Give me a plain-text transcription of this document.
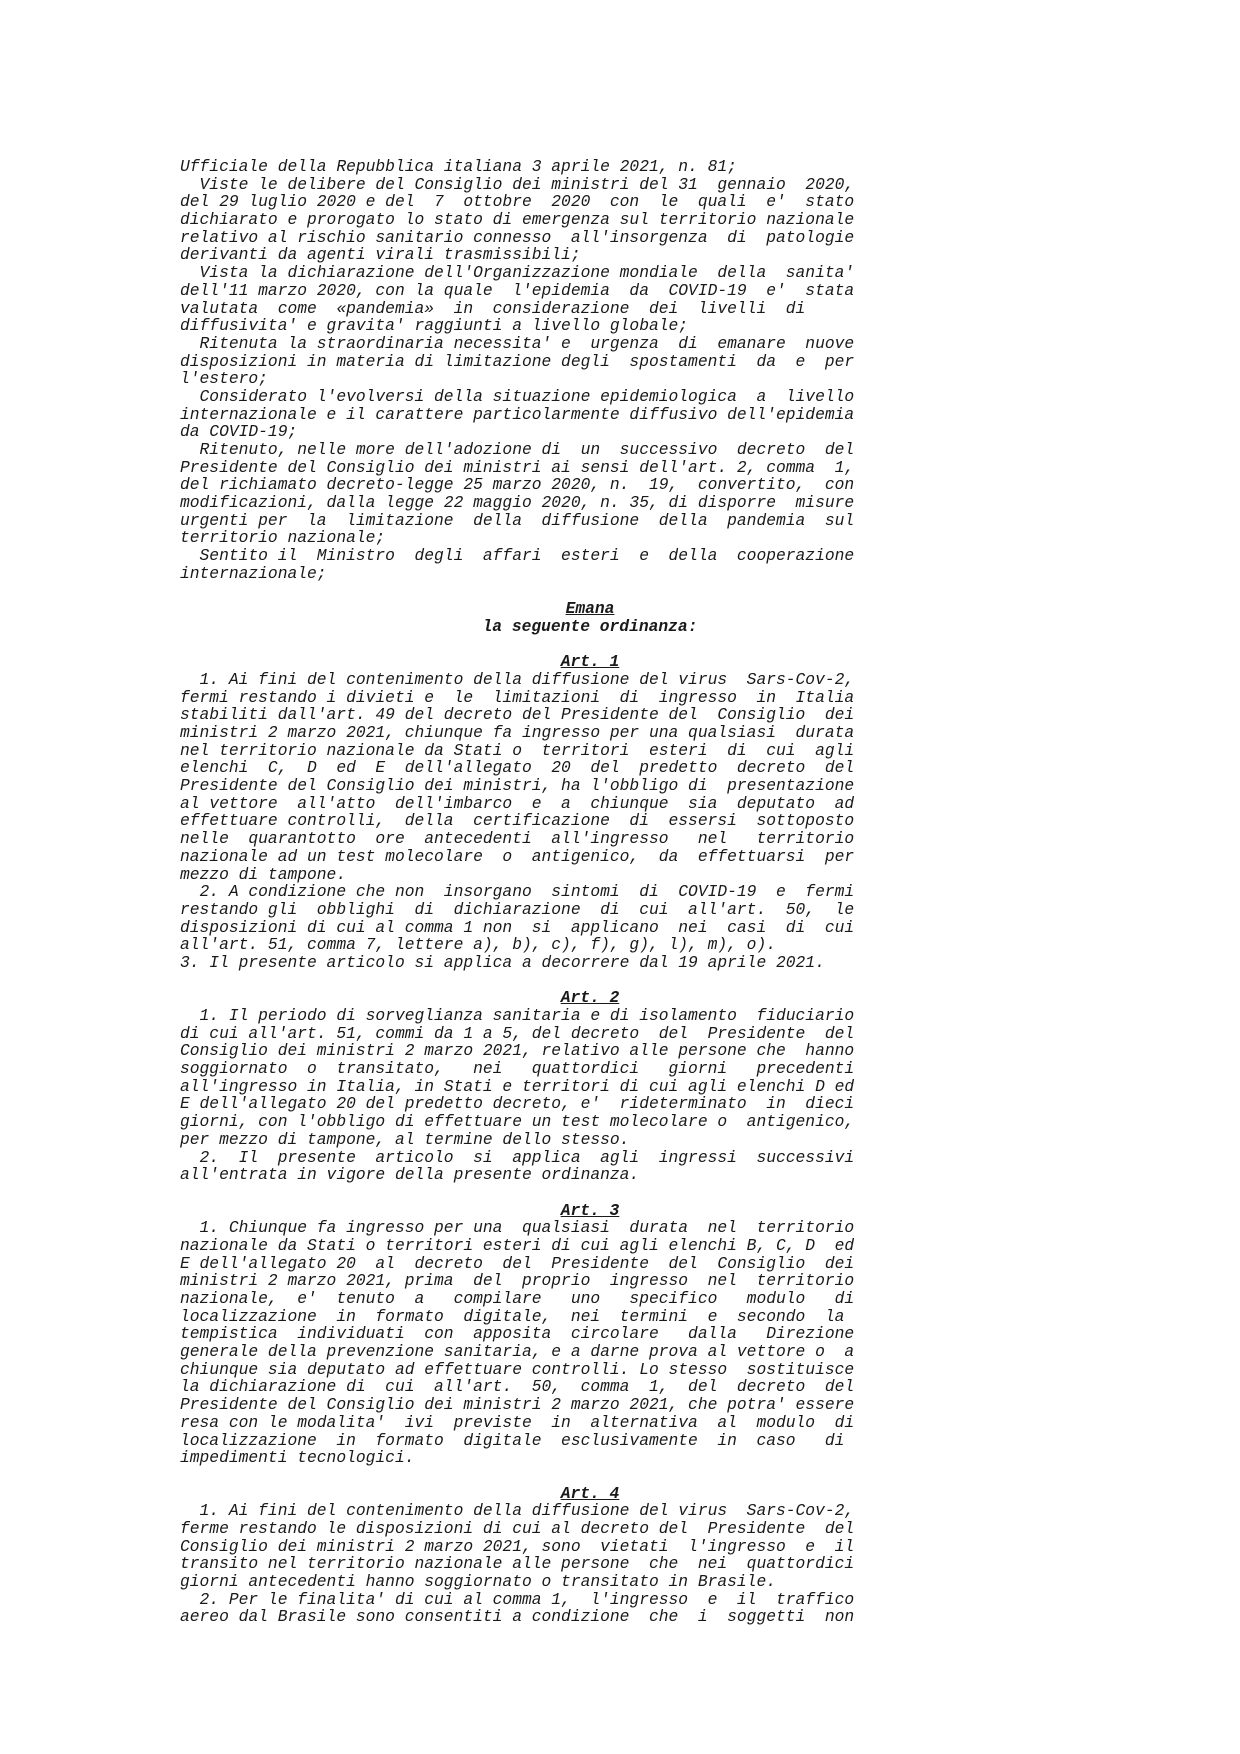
Ufficiale della Repubblica italiana 3 aprile 2021, n. 81;
Viste le delibere del Consiglio dei ministri del 31  gennaio  2020,
del 29 luglio 2020 e del  7  ottobre  2020  con  le  quali  e'  stato
dichiarato e prorogato lo stato di emergenza sul territorio nazionale
relativo al rischio sanitario connesso  all'insorgenza  di  patologie
derivanti da agenti virali trasmissibili;
Vista la dichiarazione dell'Organizzazione mondiale  della  sanita'
dell'11 marzo 2020, con la quale  l'epidemia  da  COVID-19  e'  stata
valutata  come  «pandemia»  in  considerazione  dei  livelli  di
diffusivita' e gravita' raggiunti a livello globale;
Ritenuta la straordinaria necessita' e  urgenza  di  emanare  nuove
disposizioni in materia di limitazione degli  spostamenti  da  e  per
l'estero;
Considerato l'evolversi della situazione epidemiologica  a  livello
internazionale e il carattere particolarmente diffusivo dell'epidemia
da COVID-19;
Ritenuto, nelle more dell'adozione di  un  successivo  decreto  del
Presidente del Consiglio dei ministri ai sensi dell'art. 2, comma  1,
del richiamato decreto-legge 25 marzo 2020, n.  19,  convertito,  con
modificazioni, dalla legge 22 maggio 2020, n. 35, di disporre  misure
urgenti per  la  limitazione  della  diffusione  della  pandemia  sul
territorio nazionale;
Sentito il  Ministro  degli  affari  esteri  e  della  cooperazione
internazionale;
Emana
la seguente ordinanza:
Art. 1
1. Ai fini del contenimento della diffusione del virus  Sars-Cov-2,
fermi restando i divieti e  le  limitazioni  di  ingresso  in  Italia
stabiliti dall'art. 49 del decreto del Presidente del  Consiglio  dei
ministri 2 marzo 2021, chiunque fa ingresso per una qualsiasi  durata
nel territorio nazionale da Stati o  territori  esteri  di  cui  agli
elenchi  C,  D  ed  E  dell'allegato  20  del  predetto  decreto  del
Presidente del Consiglio dei ministri, ha l'obbligo di  presentazione
al vettore  all'atto  dell'imbarco  e  a  chiunque  sia  deputato  ad
effettuare controlli,  della  certificazione  di  essersi  sottoposto
nelle  quarantotto  ore  antecedenti  all'ingresso   nel   territorio
nazionale ad un test molecolare  o  antigenico,  da  effettuarsi  per
mezzo di tampone.
2. A condizione che non  insorgano  sintomi  di  COVID-19  e  fermi
restando gli  obblighi  di  dichiarazione  di  cui  all'art.  50,  le
disposizioni di cui al comma 1 non  si  applicano  nei  casi  di  cui
all'art. 51, comma 7, lettere a), b), c), f), g), l), m), o).
3. Il presente articolo si applica a decorrere dal 19 aprile 2021.
Art. 2
1. Il periodo di sorveglianza sanitaria e di isolamento  fiduciario
di cui all'art. 51, commi da 1 a 5, del decreto  del  Presidente  del
Consiglio dei ministri 2 marzo 2021, relativo alle persone che  hanno
soggiornato  o  transitato,   nei   quattordici   giorni   precedenti
all'ingresso in Italia, in Stati e territori di cui agli elenchi D ed
E dell'allegato 20 del predetto decreto, e'  rideterminato  in  dieci
giorni, con l'obbligo di effettuare un test molecolare o  antigenico,
per mezzo di tampone, al termine dello stesso.
2.  Il  presente  articolo  si  applica  agli  ingressi  successivi
all'entrata in vigore della presente ordinanza.
Art. 3
1. Chiunque fa ingresso per una  qualsiasi  durata  nel  territorio
nazionale da Stati o territori esteri di cui agli elenchi B, C, D  ed
E dell'allegato 20  al  decreto  del  Presidente  del  Consiglio  dei
ministri 2 marzo 2021, prima  del  proprio  ingresso  nel  territorio
nazionale,  e'  tenuto  a   compilare   uno   specifico   modulo   di
localizzazione  in  formato  digitale,  nei  termini  e  secondo  la
tempistica  individuati  con  apposita  circolare   dalla   Direzione
generale della prevenzione sanitaria, e a darne prova al vettore o  a
chiunque sia deputato ad effettuare controlli. Lo stesso  sostituisce
la dichiarazione di  cui  all'art.  50,  comma  1,  del  decreto  del
Presidente del Consiglio dei ministri 2 marzo 2021, che potra' essere
resa con le modalita'  ivi  previste  in  alternativa  al  modulo  di
localizzazione  in  formato  digitale  esclusivamente  in  caso   di
impedimenti tecnologici.
Art. 4
1. Ai fini del contenimento della diffusione del virus  Sars-Cov-2,
ferme restando le disposizioni di cui al decreto del  Presidente  del
Consiglio dei ministri 2 marzo 2021, sono  vietati  l'ingresso  e  il
transito nel territorio nazionale alle persone  che  nei  quattordici
giorni antecedenti hanno soggiornato o transitato in Brasile.
2. Per le finalita' di cui al comma 1,  l'ingresso  e  il  traffico
aereo dal Brasile sono consentiti a condizione  che  i  soggetti  non
